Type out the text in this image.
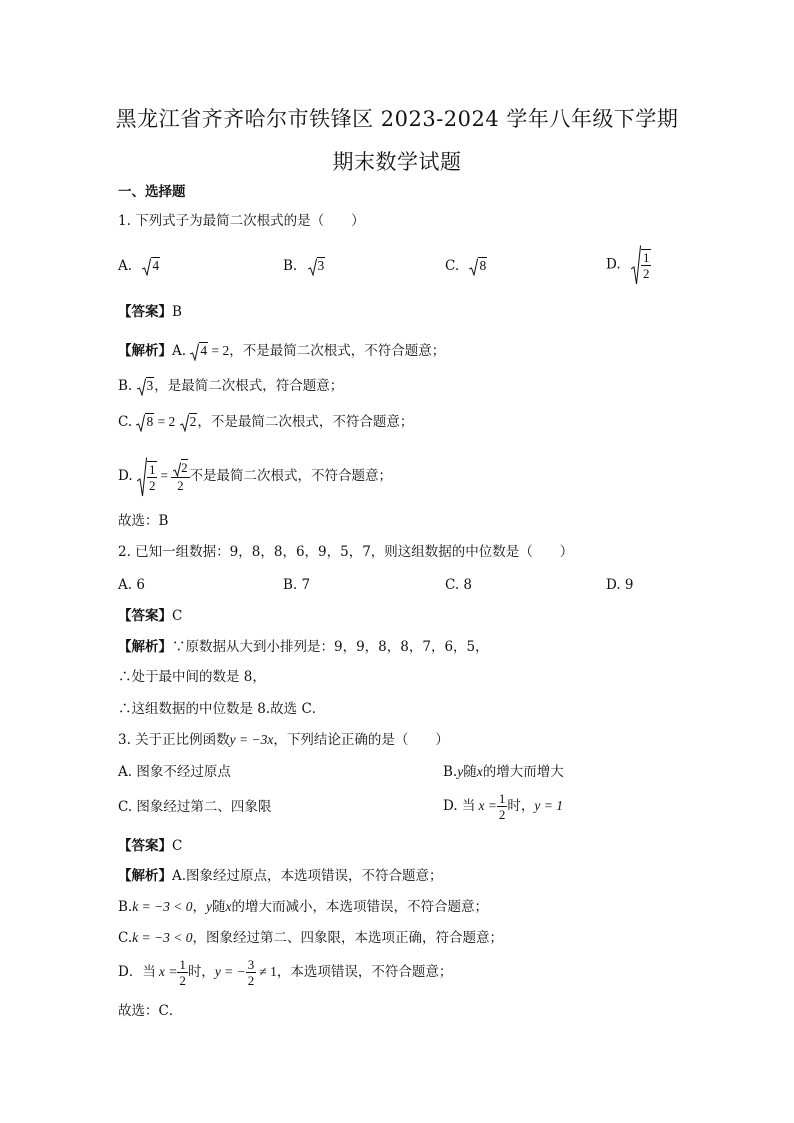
黑龙江省齐齐哈尔市铁锋区 2023-2024 学年八年级下学期
期末数学试题
一、选择题
1. 下列式子为最简二次根式的是（　　）
A. 4	B. 3	C. 8	D. $\frac{1}{2}$
【答案】B
【解析】A. 4 = 2，不是最简二次根式，不符合题意；
B. 3，是最简二次根式，符合题意；
C. 8 = 2 2，不是最简二次根式，不符合题意；
D. $\frac{1}{2} = \frac{2}{2}$ 不是最简二次根式，不符合题意；
故选：B
2. 已知一组数据：9，8，8，6，9，5，7，则这组数据的中位数是（　　）
A. 6	B. 7	C. 8	D. 9
【答案】C
【解析】∵原数据从大到小排列是：9，9，8，8，7，6，5，
∴处于最中间的数是 8，
∴这组数据的中位数是 8.故选 C．
3. 关于正比例函数y = −3x，下列结论正确的是（　　）
A. 图象不经过原点	B.y随x的增大而增大
C. 图象经过第二、四象限	D. 当 $x = \frac{1}{2}$ 时，y = 1
【答案】C
【解析】A.图象经过原点，本选项错误，不符合题意；
B.k = −3 < 0，y随x的增大而减小，本选项错误，不符合题意；
C.k = −3 < 0，图象经过第二、四象限，本选项正确，符合题意；
D．当 $x = \frac{1}{2}$ 时，y = − $\frac{3}{2} \ne 1$，本选项错误，不符合题意；
故选：C．
